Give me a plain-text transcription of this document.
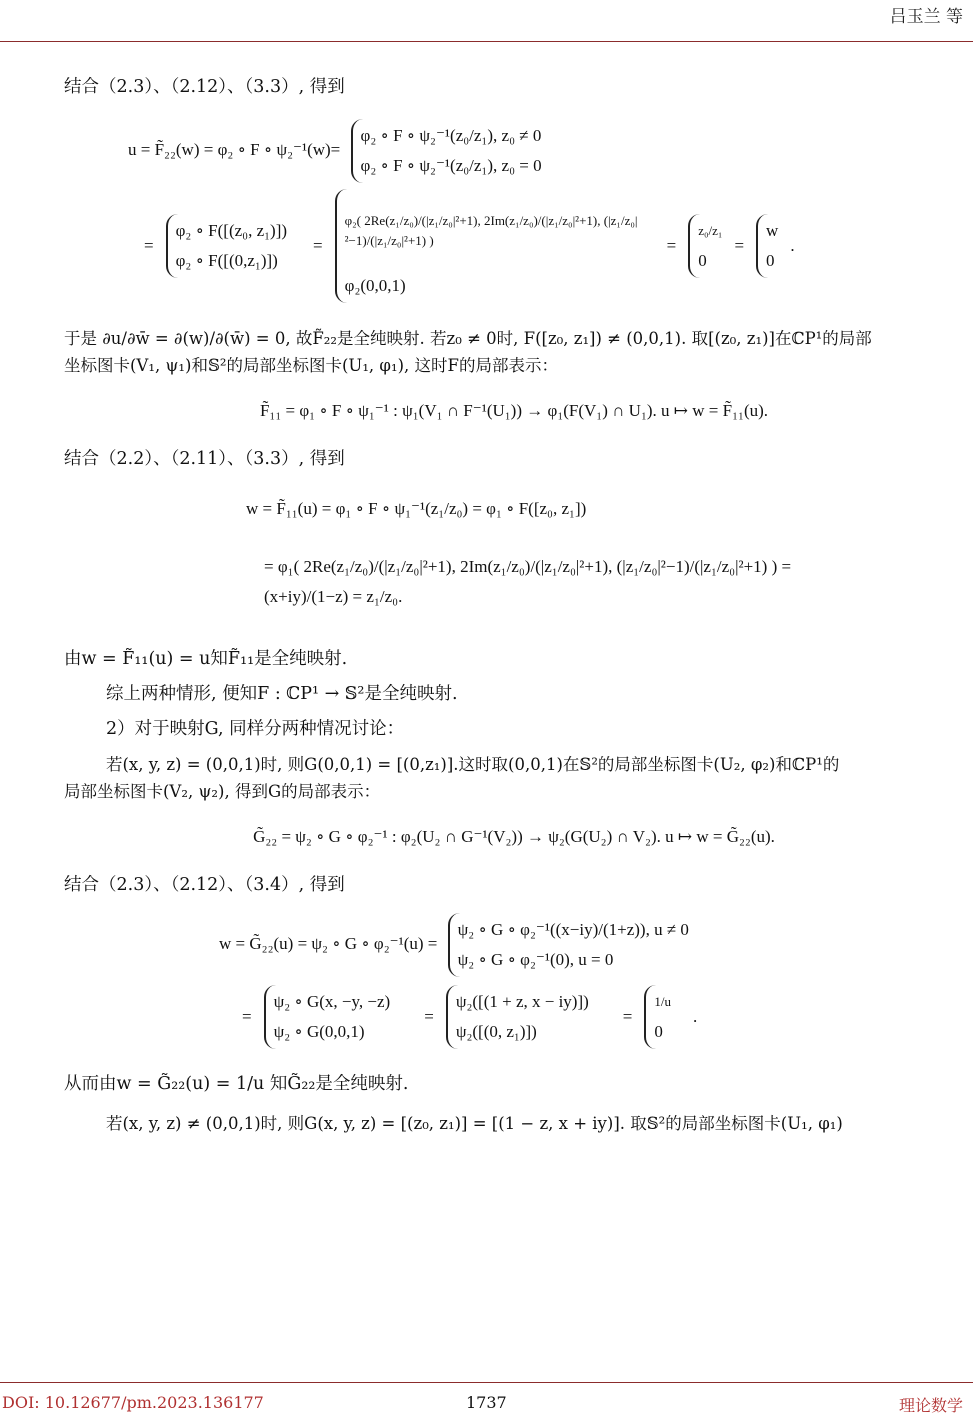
吕玉兰 等

结合（2.3）、（2.12）、（3.3）, 得到

u = F̃₂₂(w) = φ₂ ∘ F ∘ ψ₂⁻¹(w)=
φ₂ ∘ F ∘ ψ₂⁻¹(z₀/z₁), z₀ ≠ 0
φ₂ ∘ F ∘ ψ₂⁻¹(z₀/z₁), z₀ = 0
=
φ₂ ∘ F([(z₀, z₁)])
φ₂ ∘ F([(0,z₁)])
=
φ₂( 2Re(z₁/z₀)/(|z₁/z₀|²+1), 2Im(z₁/z₀)/(|z₁/z₀|²+1), (|z₁/z₀|²−1)/(|z₁/z₀|²+1) )
φ₂(0,0,1)
=
z₀/z₁
0
=
w
0
.

于是 ∂u/∂w̄ = ∂(w)/∂(w̄) = 0, 故F̃₂₂是全纯映射. 若z₀ ≠ 0时, F([z₀, z₁]) ≠ (0,0,1). 取[(z₀, z₁)]在ℂP¹的局部

坐标图卡(V₁, ψ₁)和𝕊²的局部坐标图卡(U₁, φ₁), 这时F的局部表示：

F̃₁₁ = φ₁ ∘ F ∘ ψ₁⁻¹ : ψ₁(V₁ ∩ F⁻¹(U₁)) → φ₁(F(V₁) ∩ U₁). u ↦ w = F̃₁₁(u).

结合（2.2）、（2.11）、（3.3）, 得到

w = F̃₁₁(u) = φ₁ ∘ F ∘ ψ₁⁻¹(z₁/z₀) = φ₁ ∘ F([z₀, z₁])

= φ₁( 2Re(z₁/z₀)/(|z₁/z₀|²+1), 2Im(z₁/z₀)/(|z₁/z₀|²+1), (|z₁/z₀|²−1)/(|z₁/z₀|²+1) ) = (x+iy)/(1−z) = z₁/z₀.

由w = F̃₁₁(u) = u知F̃₁₁是全纯映射.

综上两种情形, 便知F : ℂP¹ → 𝕊²是全纯映射.

2）对于映射G, 同样分两种情况讨论：

若(x, y, z) = (0,0,1)时, 则G(0,0,1) = [(0,z₁)].这时取(0,0,1)在𝕊²的局部坐标图卡(U₂, φ₂)和ℂP¹的

局部坐标图卡(V₂, ψ₂), 得到G的局部表示：

G̃₂₂ = ψ₂ ∘ G ∘ φ₂⁻¹ : φ₂(U₂ ∩ G⁻¹(V₂)) → ψ₂(G(U₂) ∩ V₂). u ↦ w = G̃₂₂(u).

结合（2.3）、（2.12）、（3.4）, 得到

w = G̃₂₂(u) = ψ₂ ∘ G ∘ φ₂⁻¹(u) =
ψ₂ ∘ G ∘ φ₂⁻¹((x−iy)/(1+z)), u ≠ 0
ψ₂ ∘ G ∘ φ₂⁻¹(0), u = 0
=
ψ₂ ∘ G(x, −y, −z)
ψ₂ ∘ G(0,0,1)
=
ψ₂([(1 + z, x − iy)])
ψ₂([(0, z₁)])
=
1/u
0
.

从而由w = G̃₂₂(u) = 1/u 知G̃₂₂是全纯映射.

若(x, y, z) ≠ (0,0,1)时, 则G(x, y, z) = [(z₀, z₁)] = [(1 − z, x + iy)]. 取𝕊²的局部坐标图卡(U₁, φ₁)

DOI: 10.12677/pm.2023.136177	1737	理论数学
